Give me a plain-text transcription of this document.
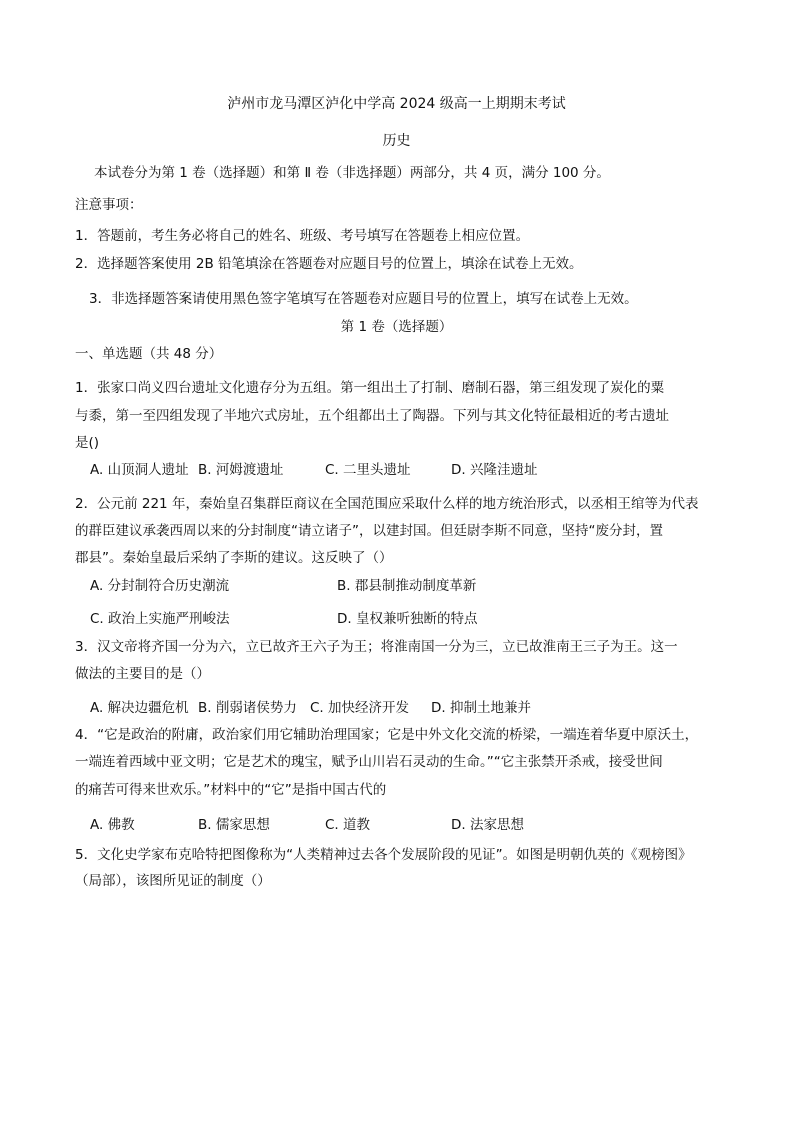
泸州市龙马潭区泸化中学高 2024 级高一上期期末考试
历史
本试卷分为第 1 卷（选择题）和第 Ⅱ 卷（非选择题）两部分，共 4 页，满分 100 分。
注意事项：
1．答题前，考生务必将自己的姓名、班级、考号填写在答题卷上相应位置。
2．选择题答案使用 2B 铅笔填涂在答题卷对应题目号的位置上，填涂在试卷上无效。
3．非选择题答案请使用黑色签字笔填写在答题卷对应题目号的位置上，填写在试卷上无效。
第 1 卷（选择题）
一、单选题（共 48 分）
1．张家口尚义四台遗址文化遗存分为五组。第一组出土了打制、磨制石器，第三组发现了炭化的粟
与黍，第一至四组发现了半地穴式房址，五个组都出土了陶器。下列与其文化特征最相近的考古遗址
是()
A. 山顶洞人遗址 B. 河姆渡遗址	C. 二里头遗址	D. 兴隆洼遗址
2．公元前 221 年，秦始皇召集群臣商议在全国范围应采取什么样的地方统治形式，以丞相王绾等为代表
的群臣建议承袭西周以来的分封制度“请立诸子”，以建封国。但廷尉李斯不同意，坚持“废分封，置
郡县”。秦始皇最后采纳了李斯的建议。这反映了（）
A. 分封制符合历史潮流	B. 郡县制推动制度革新
C. 政治上实施严刑峻法	D. 皇权兼听独断的特点
3．汉文帝将齐国一分为六，立已故齐王六子为王；将淮南国一分为三，立已故淮南王三子为王。这一
做法的主要目的是（）
A. 解决边疆危机 B. 削弱诸侯势力 C. 加快经济开发 D. 抑制土地兼并
4．“它是政治的附庸，政治家们用它辅助治理国家；它是中外文化交流的桥梁，一端连着华夏中原沃土，
一端连着西域中亚文明；它是艺术的瑰宝，赋予山川岩石灵动的生命。”“它主张禁开杀戒，接受世间
的痛苦可得来世欢乐。”材料中的“它”是指中国古代的
A. 佛教	B. 儒家思想	C. 道教	D. 法家思想
5．文化史学家布克哈特把图像称为“人类精神过去各个发展阶段的见证”。如图是明朝仇英的《观榜图》
（局部），该图所见证的制度（）
